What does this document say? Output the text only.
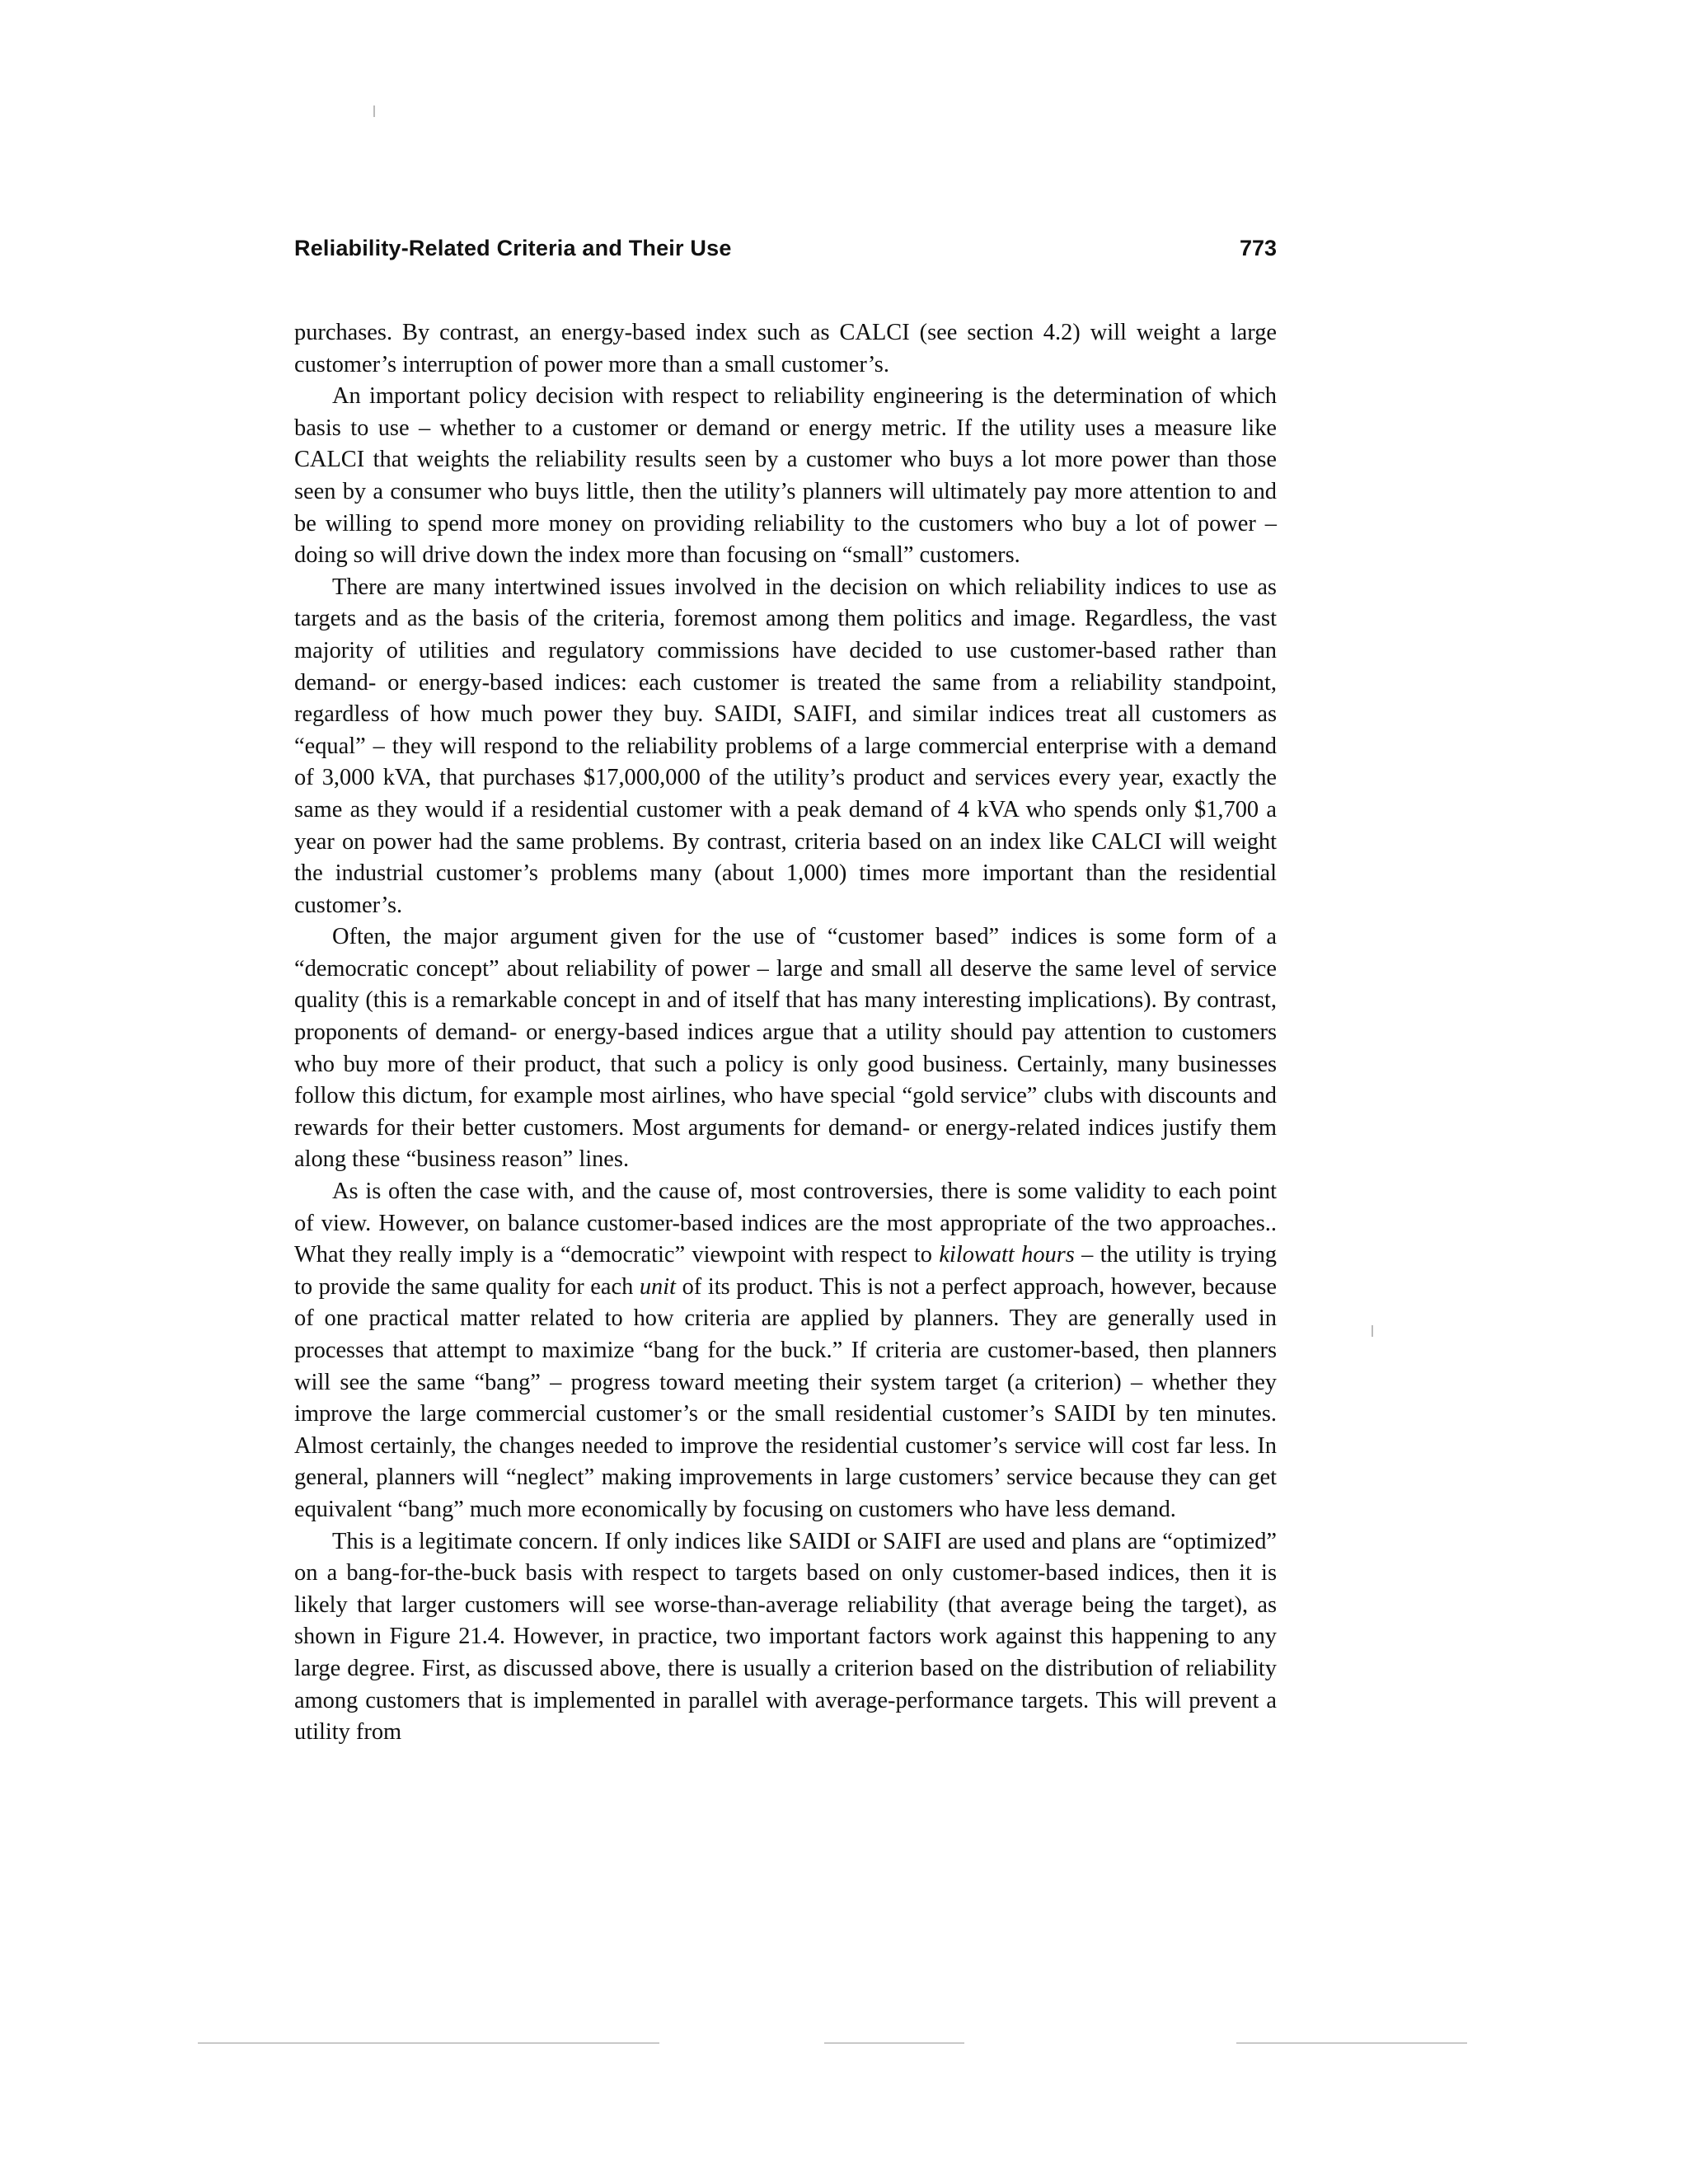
Reliability-Related Criteria and Their Use	773

purchases. By contrast, an energy-based index such as CALCI (see section 4.2) will weight a large customer’s interruption of power more than a small customer’s.

An important policy decision with respect to reliability engineering is the determination of which basis to use – whether to a customer or demand or energy metric. If the utility uses a measure like CALCI that weights the reliability results seen by a customer who buys a lot more power than those seen by a consumer who buys little, then the utility’s planners will ultimately pay more attention to and be willing to spend more money on providing reliability to the customers who buy a lot of power – doing so will drive down the index more than focusing on “small” customers.

There are many intertwined issues involved in the decision on which reliability indices to use as targets and as the basis of the criteria, foremost among them politics and image. Regardless, the vast majority of utilities and regulatory commissions have decided to use customer-based rather than demand- or energy-based indices: each customer is treated the same from a reliability standpoint, regardless of how much power they buy. SAIDI, SAIFI, and similar indices treat all customers as “equal” – they will respond to the reliability problems of a large commercial enterprise with a demand of 3,000 kVA, that purchases $17,000,000 of the utility’s product and services every year, exactly the same as they would if a residential customer with a peak demand of 4 kVA who spends only $1,700 a year on power had the same problems. By contrast, criteria based on an index like CALCI will weight the industrial customer’s problems many (about 1,000) times more important than the residential customer’s.

Often, the major argument given for the use of “customer based” indices is some form of a “democratic concept” about reliability of power – large and small all deserve the same level of service quality (this is a remarkable concept in and of itself that has many interesting implications). By contrast, proponents of demand- or energy-based indices argue that a utility should pay attention to customers who buy more of their product, that such a policy is only good business. Certainly, many businesses follow this dictum, for example most airlines, who have special “gold service” clubs with discounts and rewards for their better customers. Most arguments for demand- or energy-related indices justify them along these “business reason” lines.

As is often the case with, and the cause of, most controversies, there is some validity to each point of view. However, on balance customer-based indices are the most appropriate of the two approaches.. What they really imply is a “democratic” viewpoint with respect to kilowatt hours – the utility is trying to provide the same quality for each unit of its product. This is not a perfect approach, however, because of one practical matter related to how criteria are applied by planners. They are generally used in processes that attempt to maximize “bang for the buck.” If criteria are customer-based, then planners will see the same “bang” – progress toward meeting their system target (a criterion) – whether they improve the large commercial customer’s or the small residential customer’s SAIDI by ten minutes. Almost certainly, the changes needed to improve the residential customer’s service will cost far less. In general, planners will “neglect” making improvements in large customers’ service because they can get equivalent “bang” much more economically by focusing on customers who have less demand.

This is a legitimate concern. If only indices like SAIDI or SAIFI are used and plans are “optimized” on a bang-for-the-buck basis with respect to targets based on only customer-based indices, then it is likely that larger customers will see worse-than-average reliability (that average being the target), as shown in Figure 21.4. However, in practice, two important factors work against this happening to any large degree. First, as discussed above, there is usually a criterion based on the distribution of reliability among customers that is implemented in parallel with average-performance targets. This will prevent a utility from
